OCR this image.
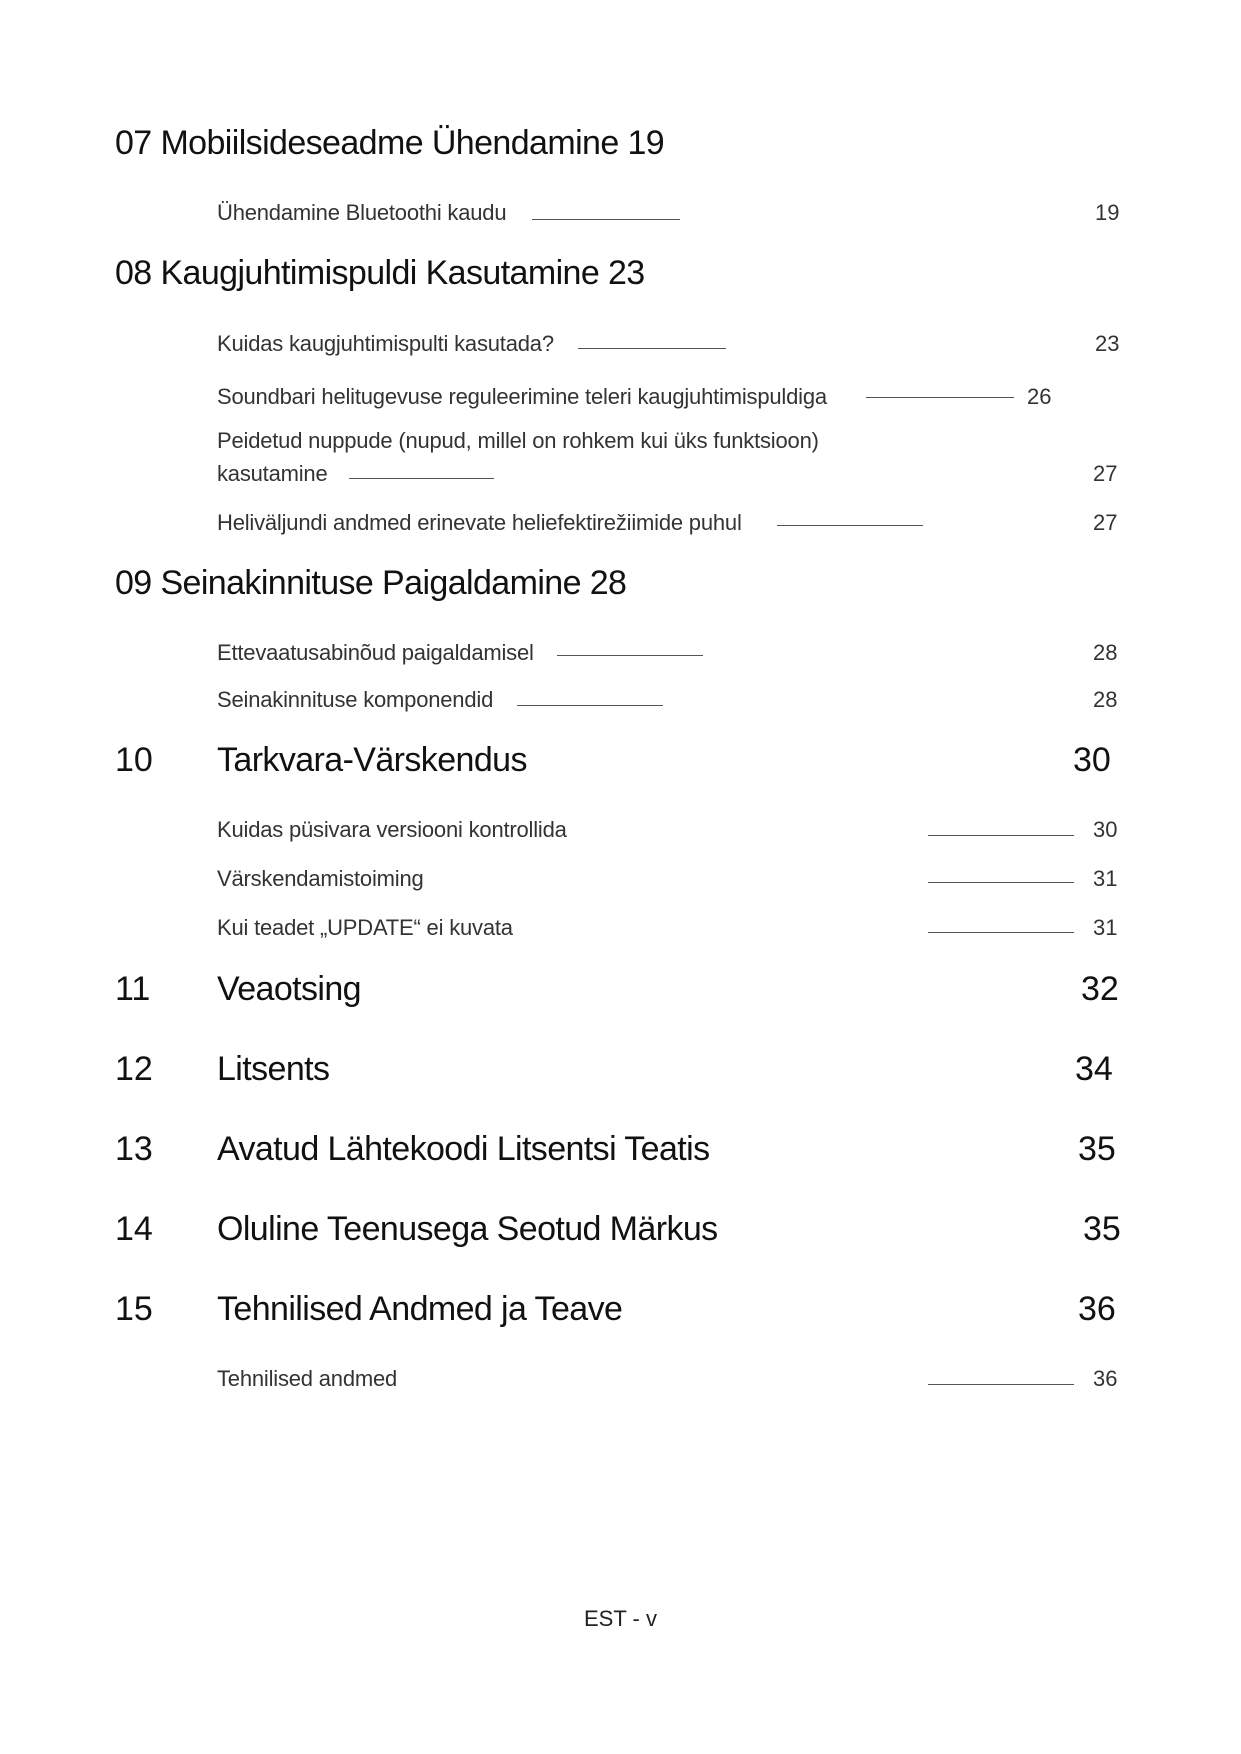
07 Mobiilsideseadme Ühendamine 19
Ühendamine Bluetoothi kaudu	19
08 Kaugjuhtimispuldi Kasutamine 23
Kuidas kaugjuhtimispulti kasutada?	23
Soundbari helitugevuse reguleerimine teleri kaugjuhtimispuldiga	26
Peidetud nuppude (nupud, millel on rohkem kui üks funktsioon)
kasutamine	27
Heliväljundi andmed erinevate heliefektirežiimide puhul	27
09 Seinakinnituse Paigaldamine 28
Ettevaatusabinõud paigaldamisel	28
Seinakinnituse komponendid	28
10 Tarkvara-Värskendus	30
Kuidas püsivara versiooni kontrollida	30
Värskendamistoiming	31
Kui teadet „UPDATE“ ei kuvata	31
11 Veaotsing	32
12 Litsents	34
13 Avatud Lähtekoodi Litsentsi Teatis	35
14 Oluline Teenusega Seotud Märkus	35
15 Tehnilised Andmed ja Teave	36
Tehnilised andmed	36
EST - v
